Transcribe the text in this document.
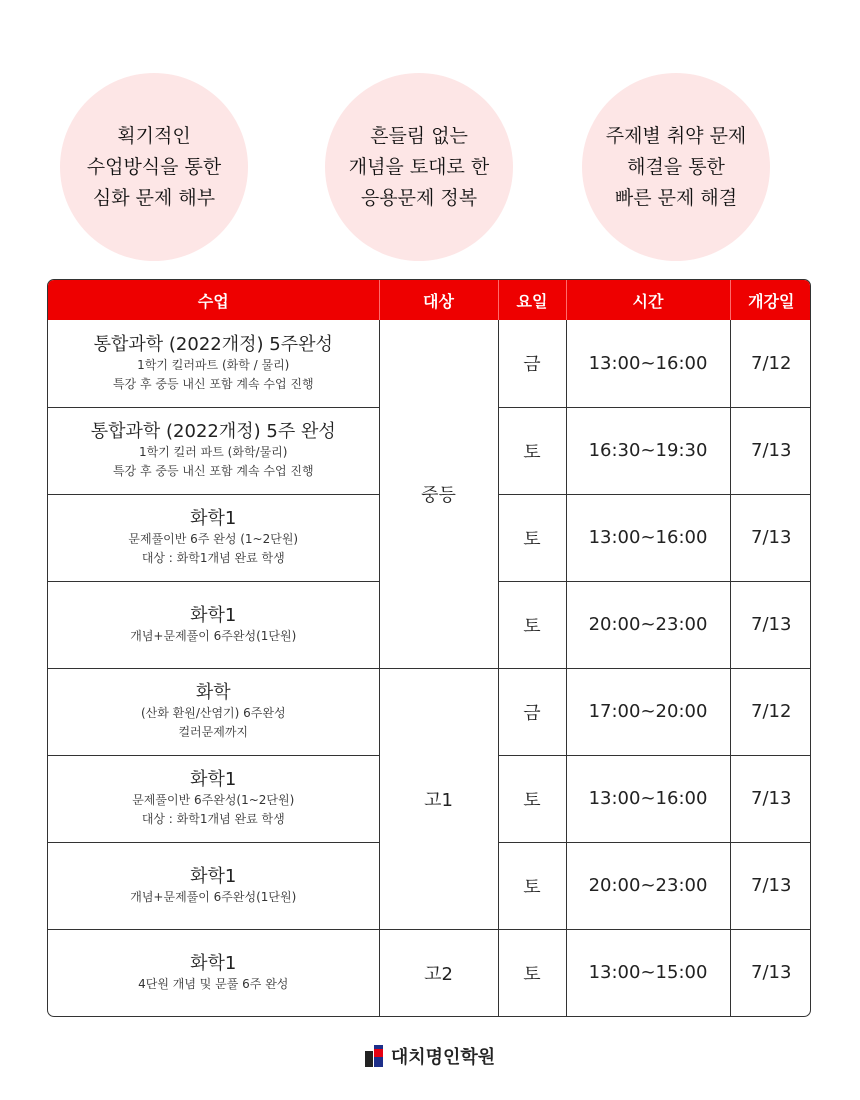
획기적인
수업방식을 통한
심화 문제 해부
흔들림 없는
개념을 토대로 한
응용문제 정복
주제별 취약 문제
해결을 통한
빠른 문제 해결
수업	대상	요일	시간	개강일

통합과학 (2022개정) 5주완성
1학기 킬러파트 (화학 / 물리)
특강 후 중등 내신 포함 계속 수업 진행	중등	금	13:00~16:00	7/12

통합과학 (2022개정) 5주 완성
1학기 킬러 파트 (화학/물리)
특강 후 중등 내신 포함 계속 수업 진행		토	16:30~19:30	7/13

화학1
문제풀이반 6주 완성 (1~2단원)
대상 : 화학1개념 완료 학생		토	13:00~16:00	7/13

화학1
개념+문제풀이 6주완성(1단원)		토	20:00~23:00	7/13

화학
(산화 환원/산염기) 6주완성
컬러문제까지	고1	금	17:00~20:00	7/12

화학1
문제풀이반 6주완성(1~2단원)
대상 : 화학1개념 완료 학생		토	13:00~16:00	7/13

화학1
개념+문제풀이 6주완성(1단원)		토	20:00~23:00	7/13

화학1
4단원 개념 및 문풀 6주 완성	고2	토	13:00~15:00	7/13
대치명인학원
